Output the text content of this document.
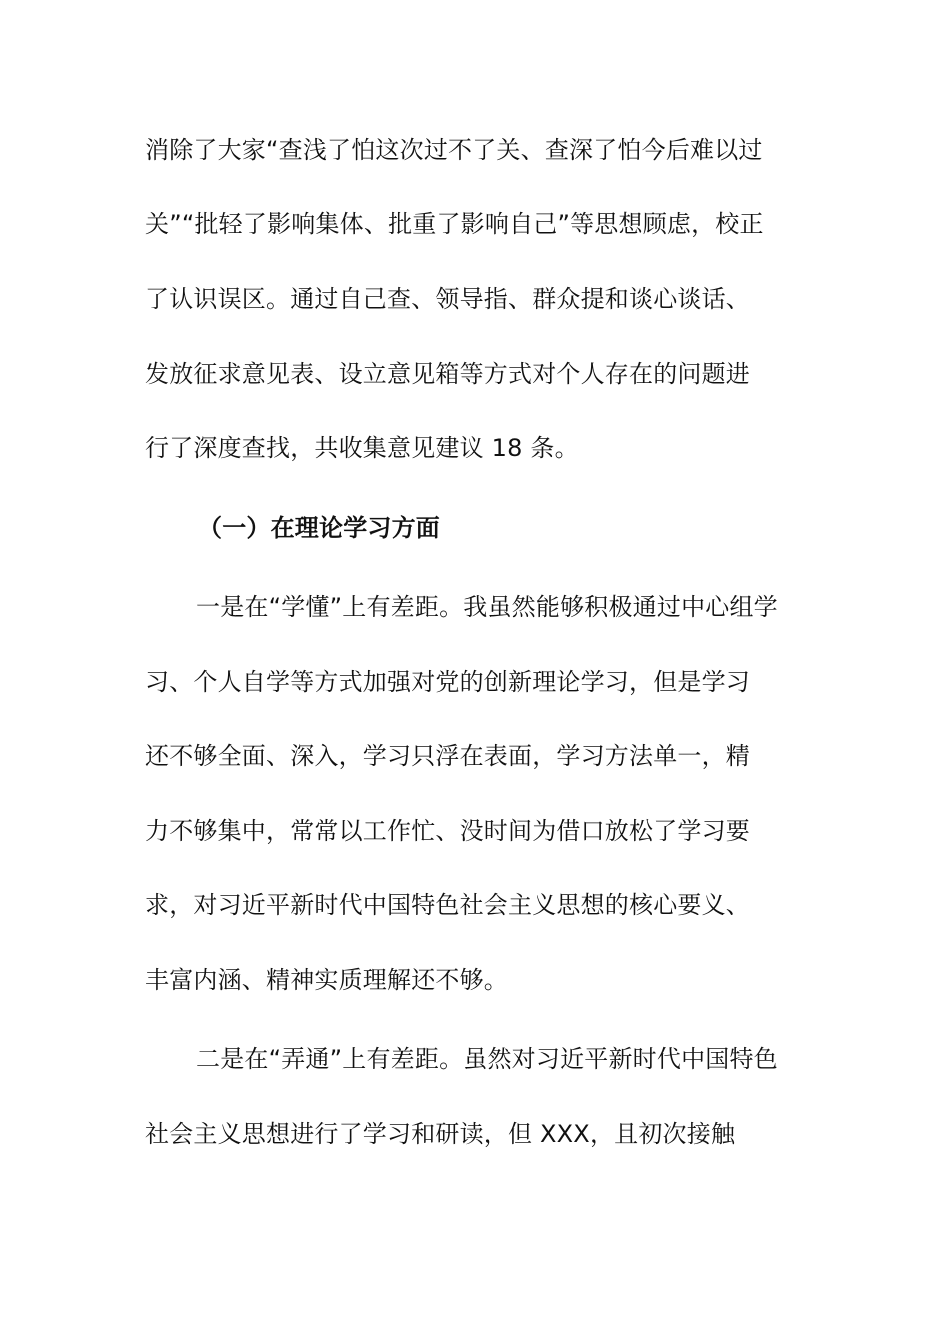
消除了大家“查浅了怕这次过不了关、查深了怕今后难以过
关”“批轻了影响集体、批重了影响自己”等思想顾虑，校正
了认识误区。通过自己查、领导指、群众提和谈心谈话、
发放征求意见表、设立意见箱等方式对个人存在的问题进
行了深度查找，共收集意见建议 18 条。
（一）在理论学习方面
一是在“学懂”上有差距。我虽然能够积极通过中心组学
习、个人自学等方式加强对党的创新理论学习，但是学习
还不够全面、深入，学习只浮在表面，学习方法单一，精
力不够集中，常常以工作忙、没时间为借口放松了学习要
求，对习近平新时代中国特色社会主义思想的核心要义、
丰富内涵、精神实质理解还不够。
二是在“弄通”上有差距。虽然对习近平新时代中国特色
社会主义思想进行了学习和研读，但 XXX，且初次接触
